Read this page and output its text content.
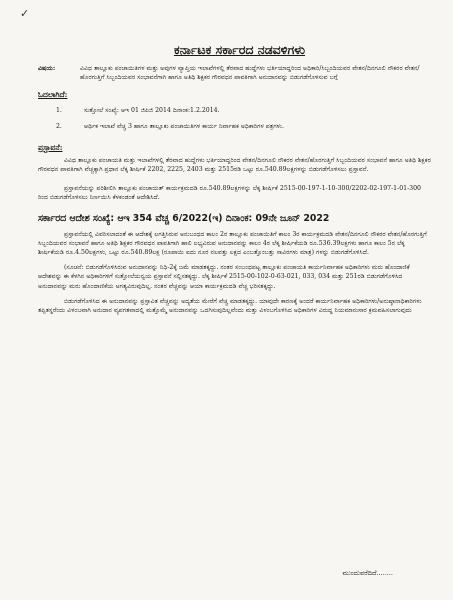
✓
ಕರ್ನಾಟಕ ಸರ್ಕಾರದ ನಡವಳಿಗಳು
ವಿಷಯ:	ವಿವಿಧ ತಾಲ್ಲೂಕು ಪಂಚಾಯಿತಿಗಳ ಮತ್ತು ಅವುಗಳ ವ್ಯಾಪ್ತಿಯ ಇಲಾಖೆಗಳಲ್ಲಿ ತೆರವಾದ ಹುದ್ದೆಗಳು ಭರ್ತಿಯಾದ್ದರಿಂದ ಅಧಿಕಾರಿ/ಸಿಬ್ಬಂದಿಯವರ ವೇತನ/ದಿನಗೂಲಿ ನೌಕರರ ವೇತನ/ಹೊರಗುತ್ತಿಗೆ ಸಿಬ್ಬಂದಿಯವರ ಸಂಭಾವನೆಗಾಗಿ ಹಾಗೂ ಅತಿಥಿ ಶಿಕ್ಷಕರ ಗೌರವಧನ ಪಾವತಿಗಾಗಿ ಅನುದಾನವನ್ನು ಬಿಡುಗಡೆಗೊಳಿಸುವ ಬಗ್ಗೆ
ಓದಲಾಗಿದೆ:
1.	ಸುತ್ತೋಲೆ ಸಂಖ್ಯೆ: ಆಇ 01 ಜಿಪಿಜಿ 2014 ದಿನಾಂಕ:1.2.2014.
2.	ಆರ್ಥಿಕ ಇಲಾಖೆ ವೆಚ್ಚ 3 ಹಾಗೂ ತಾಲ್ಲೂಕು ಪಂಚಾಯಿತಿಗಳ ಕಾರ್ಯ ನಿರ್ವಾಹಕ ಅಧಿಕಾರಿಗಳ ಪತ್ರಗಳು.
ಪ್ರಸ್ತಾವನೆ:
ವಿವಿಧ ತಾಲ್ಲೂಕು ಪಂಚಾಯತಿ ಮತ್ತು ಇಲಾಖೆಗಳಲ್ಲಿ ತೆರವಾದ ಹುದ್ದೆಗಳು ಭರ್ತಿಯಾದ್ದರಿಂದ ವೇತನ/ದಿನಗೂಲಿ ನೌಕರರ ವೇತನ/ಹೊರಗುತ್ತಿಗೆ ಸಿಬ್ಬಂದಿಯವರ ಸಂಭಾವನೆ ಹಾಗೂ ಅತಿಥಿ ಶಿಕ್ಷಕರ ಗೌರವಧನ ಪಾವತಿಗಾಗಿ ವೆಚ್ಚಕ್ಕಾಗಿ ಪ್ರಧಾನ ಲೆಕ್ಕ ಶೀರ್ಷಿಕೆ 2202, 2225, 2403 ಮತ್ತು 2515ರಡಿ ಒಟ್ಟು ರೂ.540.89ಲಕ್ಷಗಳನ್ನು ಬಿಡುಗಡೆಗೊಳಿಸಲು ಪ್ರಸ್ತಾವನೆ.
ಪ್ರಸ್ತಾವನೆಯನ್ನು ಪರಿಶೀಲಿಸಿ ತಾಲ್ಲೂಕು ಪಂಚಾಯತ್ ಕಾರ್ಯಕ್ರಮದಡಿ ರೂ.540.89ಲಕ್ಷಗಳನ್ನು ಲೆಕ್ಕ ಶೀರ್ಷಿಕೆ 2515-00-197-1-10-300/2202-02-197-1-01-300 ರಿಂದ ಬಿಡುಗಡೆಗೊಳಿಸಲು ನಿರ್ಣಯಿಸಿ ಕೆಳಕಂಡಂತೆ ಆದೇಶಿಸಿದೆ.
ಸರ್ಕಾರದ ಆದೇಶ ಸಂಖ್ಯೆ: ಆಇ 354 ವೆಚ್ಚ 6/2022(ಇ) ದಿನಾಂಕ: 09ನೇ ಜೂನ್ 2022
ಪ್ರಸ್ತಾವನೆಯಲ್ಲಿ ವಿವರಿಸಲಾದಂತೆ ಈ ಆದೇಶಕ್ಕೆ ಲಗತ್ತಿಸಿರುವ ಅನುಬಂಧದ ಕಾಲಂ 2ರ ತಾಲ್ಲೂಕು ಪಂಚಾಯಿತಿಗೆ ಕಾಲಂ 3ರ ಕಾರ್ಯಕ್ರಮದಡಿ ವೇತನ/ದಿನಗೂಲಿ ನೌಕರರ ವೇತನ/ಹೊರಗುತ್ತಿಗೆ ಸಿಬ್ಬಂದಿಯವರ ಸಂಭಾವನೆ ಹಾಗೂ ಅತಿಥಿ ಶಿಕ್ಷಕರ ಗೌರವಧನ ಪಾವತಿಗಾಗಿ ಹಾಲಿ ಲಭ್ಯವಿರುವ ಅನುದಾನವನ್ನು ಕಾಲಂ 4ರ ಲೆಕ್ಕ ಶೀರ್ಷಿಕೆಯಡಿ ರೂ.536.39ಲಕ್ಷಗಳು ಹಾಗೂ ಕಾಲಂ 5ರ ಲೆಕ್ಕ ಶೀರ್ಷಿಕೆಯಡಿ ರೂ.4.50ಲಕ್ಷಗಳು, ಒಟ್ಟು ರೂ.540.89ಲಕ್ಷ (ರೂಪಾಯಿ ಐದು ನೂರ ನಲವತ್ತು ಲಕ್ಷದ ಎಂಬತ್ತೊಂಬತ್ತು ಸಾವಿರಗಳು ಮಾತ್ರ) ಗಳನ್ನು ಬಿಡುಗಡೆಗೊಳಿಸಿದೆ.
(ಸೂಚನೆ: ಬಿಡುಗಡೆಗೊಳಿಸಿರುವ ಅನುದಾನವನ್ನು ನಿಧಿ-2ಕ್ಕೆ ಜಮೆ ಮಾಡತಕ್ಕದ್ದು. ನಂತರ ಸಂಬಂಧಪಟ್ಟ ತಾಲ್ಲೂಕು ಪಂಚಾಯತಿ ಕಾರ್ಯನಿರ್ವಾಹಕ ಅಧಿಕಾರಿಗಳು ಮರು ಹೊಂದಾಣಿಕೆ ಆದೇಶವನ್ನು ಈ ಕೆಳಗಿನ ಅಧಿಕಾರಿಗಳಿಗೆ ಸುತ್ತೋಲೆಯನ್ವಯ ಪ್ರಸ್ತಾವನೆ ಸಲ್ಲಿಸತಕ್ಕದ್ದು. ಲೆಕ್ಕ ಶೀರ್ಷಿಕೆ 2515-00-102-0-63-021, 033, 034 ಮತ್ತು 251ರಡಿ ಬಿಡುಗಡೆಗೊಳಿಸಿದ ಅನುದಾನವನ್ನು ಮರು ಹೊಂದಾಣಿಕೆಯ ಅಗತ್ಯವಿರುವುದಿಲ್ಲ. ನಂತರ ವೆಚ್ಚವನ್ನು ಆಯಾ ಕಾರ್ಯಕ್ರಮದಡಿ ವೆಚ್ಚ ಭರಿಸತಕ್ಕದ್ದು.
ಬಿಡುಗಡೆಗೊಳಿಸಿದ ಈ ಅನುದಾನವನ್ನು ಪ್ರಸ್ತಾವಿತ ವೆಚ್ಚವನ್ನು ಅದ್ಯತೆಯ ಮೇರೆಗೆ ವೆಚ್ಚ ಮಾಡತಕ್ಕದ್ದು. ಯಾವುದೇ ಕಾರಣಕ್ಕೆ ಅಂದರೆ ಕಾರ್ಯನಿರ್ವಾಹಕ ಅಧಿಕಾರಿಗಳು/ಅನುಷ್ಠಾನಾಧಿಕಾರಿಗಳು ತಪ್ಪಿತಸ್ಥರೆಂದು ವಿಳಂಬವಾಗಿ ಅನುದಾನ ವ್ಯಪಗತವಾದಲ್ಲಿ ಮತ್ತೊಮ್ಮೆ ಅನುದಾನವನ್ನು ಒದಗಿಸುವುದಿಲ್ಲವೆಂದು ಮತ್ತು ವಿಳಂಬಗೊಳಿಸಿದ ಅಧಿಕಾರಿಗಳ ವಿರುದ್ಧ ನಿಯಮಾನುಸಾರ ಕ್ರಮವಹಿಸಲಾಗುವುದು
ಮುಂದುವರೆದಿದೆ........
